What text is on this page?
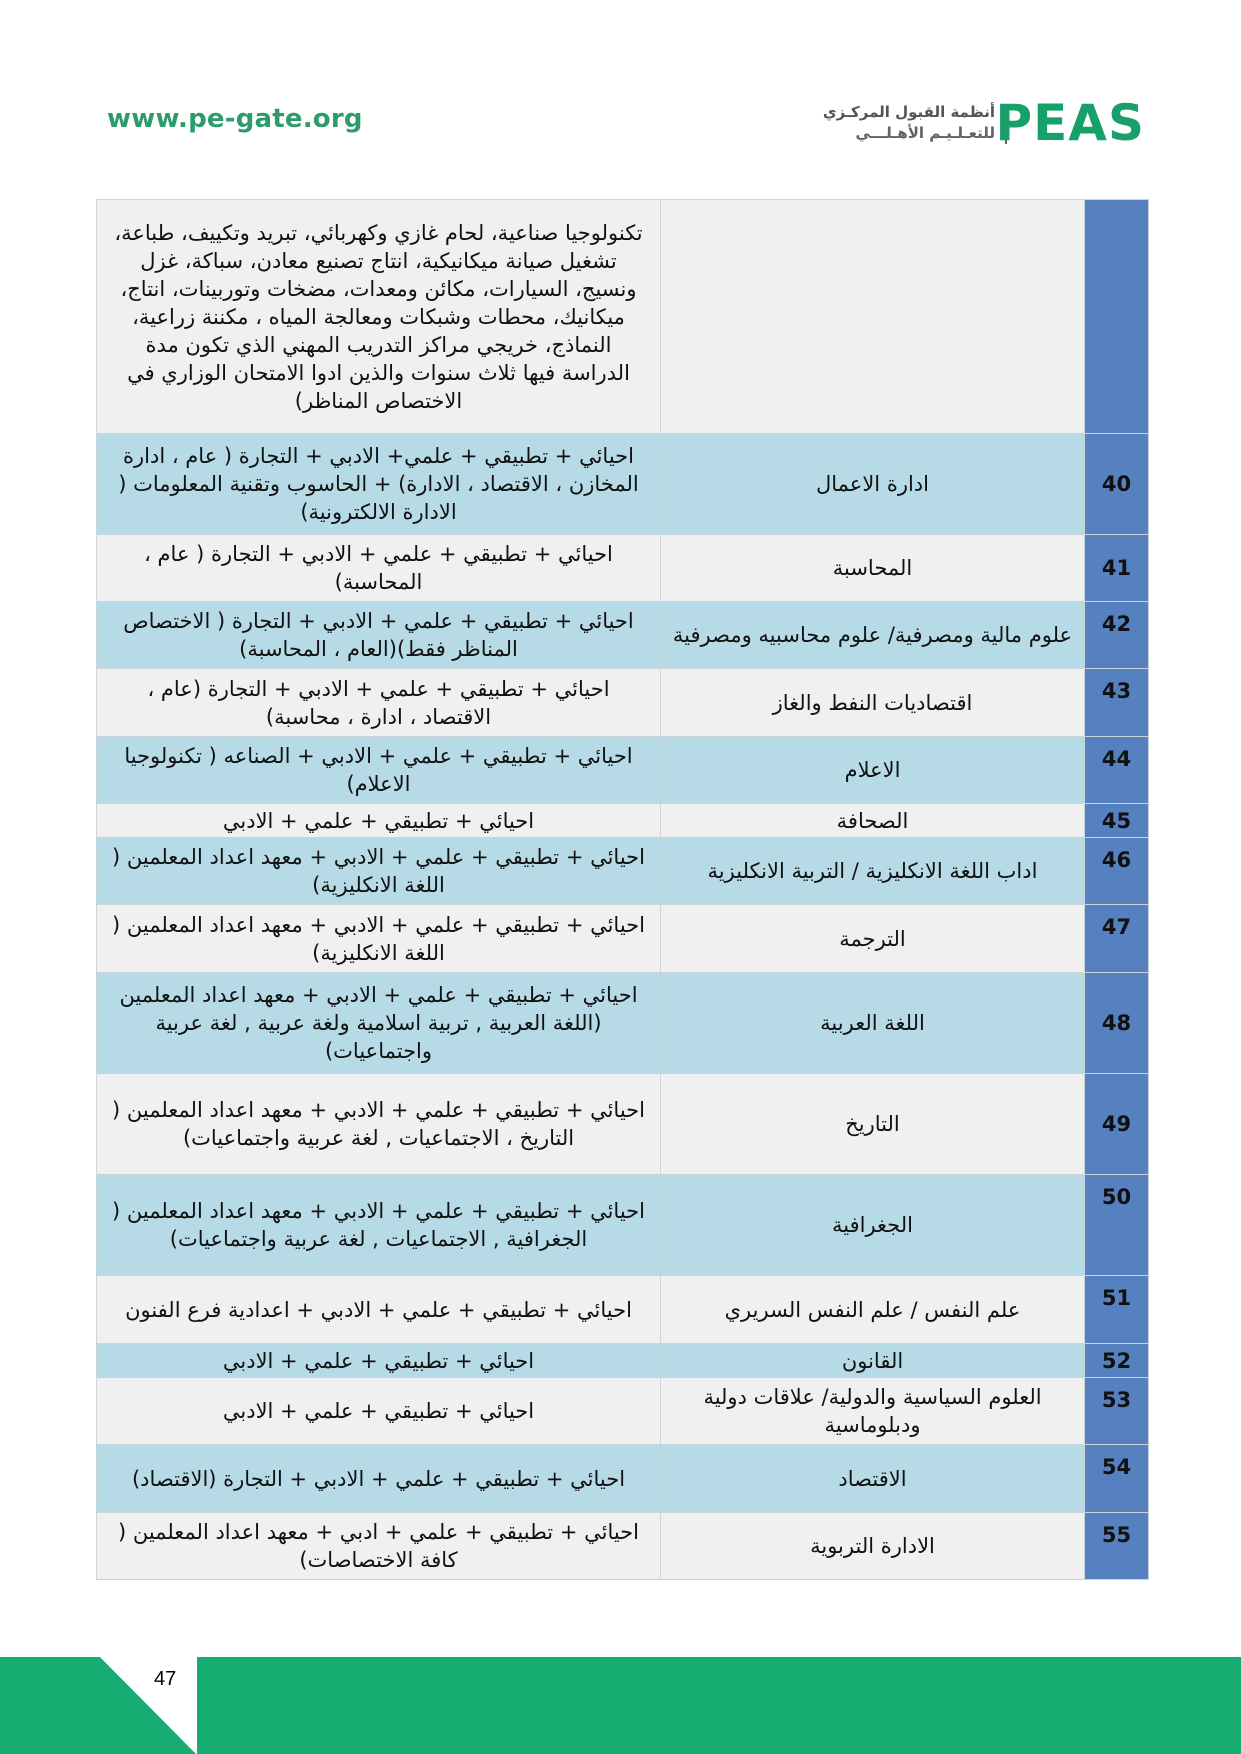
www.pe-gate.org	أنظمة القبول المركـزي
للتعـلـيـم الأهـلـــي PEAS
تكنولوجيا صناعية، لحام غازي وكهربائي، تبريد وتكييف، طباعة، تشغيل صيانة ميكانيكية، انتاج تصنيع معادن، سباكة، غزل ونسيج، السيارات، مكائن ومعدات، مضخات وتوربينات، انتاج، ميكانيك، محطات وشبكات ومعالجة المياه ، مكننة زراعية، النماذج، خريجي مراكز التدريب المهني الذي تكون مدة الدراسة فيها ثلاث سنوات والذين ادوا الامتحان الوزاري في الاختصاص المناظر)		

احيائي + تطبيقي + علمي+ الادبي + التجارة ( عام ، ادارة المخازن ، الاقتصاد ، الادارة) + الحاسوب وتقنية المعلومات ( الادارة الالكترونية)	ادارة الاعمال	40

احيائي + تطبيقي + علمي + الادبي + التجارة ( عام ، المحاسبة)	المحاسبة	41

احيائي + تطبيقي + علمي + الادبي + التجارة ( الاختصاص المناظر فقط)(العام ، المحاسبة)	علوم مالية ومصرفية/ علوم محاسبيه ومصرفية	42

احيائي + تطبيقي + علمي + الادبي + التجارة (عام ، الاقتصاد ، ادارة ، محاسبة)	اقتصاديات النفط والغاز	43

احيائي + تطبيقي + علمي + الادبي + الصناعه ( تكنولوجيا الاعلام)	الاعلام	44

احيائي + تطبيقي + علمي + الادبي	الصحافة	45

احيائي + تطبيقي + علمي + الادبي + معهد اعداد المعلمين ( اللغة الانكليزية)	اداب اللغة الانكليزية / التربية الانكليزية	46

احيائي + تطبيقي + علمي + الادبي + معهد اعداد المعلمين ( اللغة الانكليزية)	الترجمة	47

احيائي + تطبيقي + علمي + الادبي + معهد اعداد المعلمين (اللغة العربية , تربية اسلامية ولغة عربية , لغة عربية واجتماعيات)	اللغة العربية	48

احيائي + تطبيقي + علمي + الادبي + معهد اعداد المعلمين ( التاريخ ، الاجتماعيات , لغة عربية واجتماعيات)	التاريخ	49

احيائي + تطبيقي + علمي + الادبي + معهد اعداد المعلمين ( الجغرافية , الاجتماعيات , لغة عربية واجتماعيات)	الجغرافية	50

احيائي + تطبيقي + علمي + الادبي + اعدادية فرع الفنون	علم النفس / علم النفس السريري	51

احيائي + تطبيقي + علمي + الادبي	القانون	52

احيائي + تطبيقي + علمي + الادبي	العلوم السياسية والدولية/ علاقات دولية ودبلوماسية	53

احيائي + تطبيقي + علمي + الادبي + التجارة (الاقتصاد)	الاقتصاد	54

احيائي + تطبيقي + علمي + ادبي + معهد اعداد المعلمين ( كافة الاختصاصات)	الادارة التربوية	55
47
